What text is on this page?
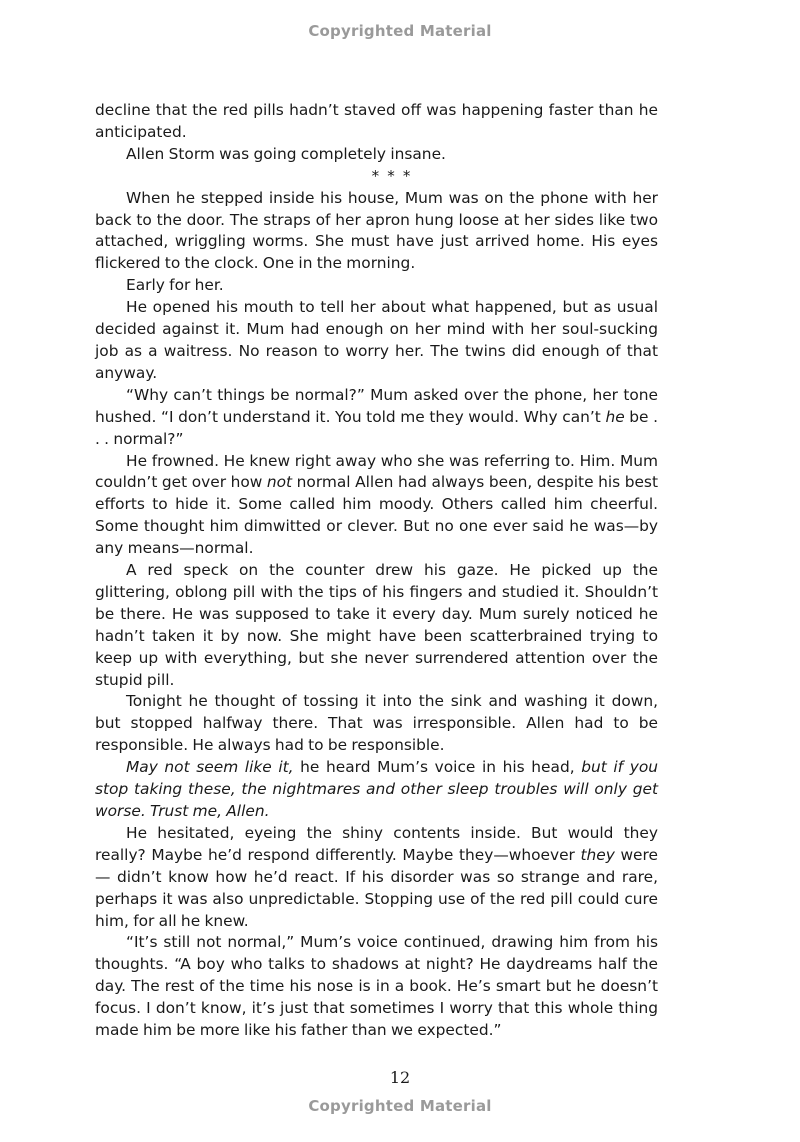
Copyrighted Material

decline that the red pills hadn’t staved off was happening faster than he anticipated.

Allen Storm was going completely insane.

* * *

When he stepped inside his house, Mum was on the phone with her back to the door. The straps of her apron hung loose at her sides like two attached, wriggling worms. She must have just arrived home. His eyes flickered to the clock. One in the morning.

Early for her.

He opened his mouth to tell her about what happened, but as usual decided against it. Mum had enough on her mind with her soul-sucking job as a waitress. No reason to worry her. The twins did enough of that anyway.

“Why can’t things be normal?” Mum asked over the phone, her tone hushed. “I don’t understand it. You told me they would. Why can’t he be . . . normal?”

He frowned. He knew right away who she was referring to. Him. Mum couldn’t get over how not normal Allen had always been, despite his best efforts to hide it. Some called him moody. Others called him cheerful. Some thought him dimwitted or clever. But no one ever said he was—by any means—normal.

A red speck on the counter drew his gaze. He picked up the glittering, oblong pill with the tips of his fingers and studied it. Shouldn’t be there. He was supposed to take it every day. Mum surely noticed he hadn’t taken it by now. She might have been scatterbrained trying to keep up with everything, but she never surrendered attention over the stupid pill.

Tonight he thought of tossing it into the sink and washing it down, but stopped halfway there. That was irresponsible. Allen had to be responsible. He always had to be responsible.

May not seem like it, he heard Mum’s voice in his head, but if you stop taking these, the nightmares and other sleep troubles will only get worse. Trust me, Allen.

He hesitated, eyeing the shiny contents inside. But would they really? Maybe he’d respond differently. Maybe they—whoever they were— didn’t know how he’d react. If his disorder was so strange and rare, perhaps it was also unpredictable. Stopping use of the red pill could cure him, for all he knew.

“It’s still not normal,” Mum’s voice continued, drawing him from his thoughts. “A boy who talks to shadows at night? He daydreams half the day. The rest of the time his nose is in a book. He’s smart but he doesn’t focus. I don’t know, it’s just that sometimes I worry that this whole thing made him be more like his father than we expected.”

12
Copyrighted Material
